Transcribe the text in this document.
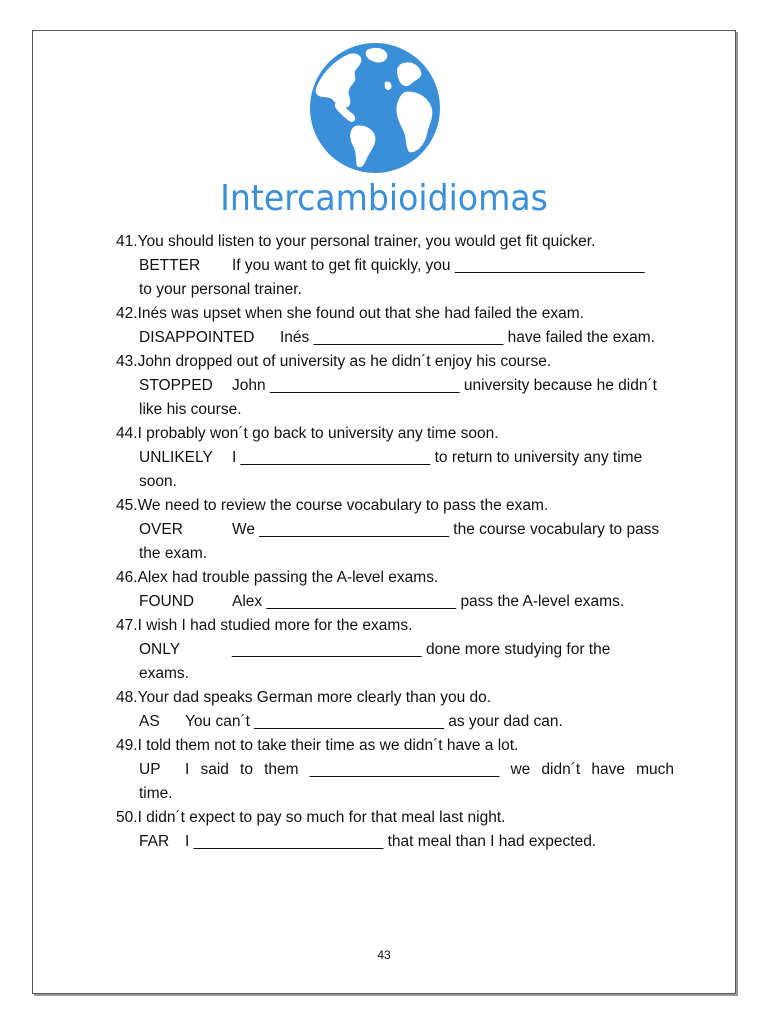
Intercambioidiomas
41.You should listen to your personal trainer, you would get fit quicker.
BETTER If you want to get fit quickly, you ______________________
to your personal trainer.
42.Inés was upset when she found out that she had failed the exam.
DISAPPOINTED Inés ______________________ have failed the exam.
43.John dropped out of university as he didn´t enjoy his course.
STOPPED John ______________________ university because he didn´t
like his course.
44.I probably won´t go back to university any time soon.
UNLIKELY I ______________________ to return to university any time
soon.
45.We need to review the course vocabulary to pass the exam.
OVER	We ______________________ the course vocabulary to pass
the exam.
46.Alex had trouble passing the A-level exams.
FOUND Alex ______________________ pass the A-level exams.
47.I wish I had studied more for the exams.
ONLY	______________________ done more studying for the
exams.
48.Your dad speaks German more clearly than you do.
AS You can´t ______________________ as your dad can.
49.I told them not to take their time as we didn´t have a lot.
UP I said to them ______________________ we didn´t have much
time.
50.I didn´t expect to pay so much for that meal last night.
FAR I ______________________ that meal than I had expected.
43
